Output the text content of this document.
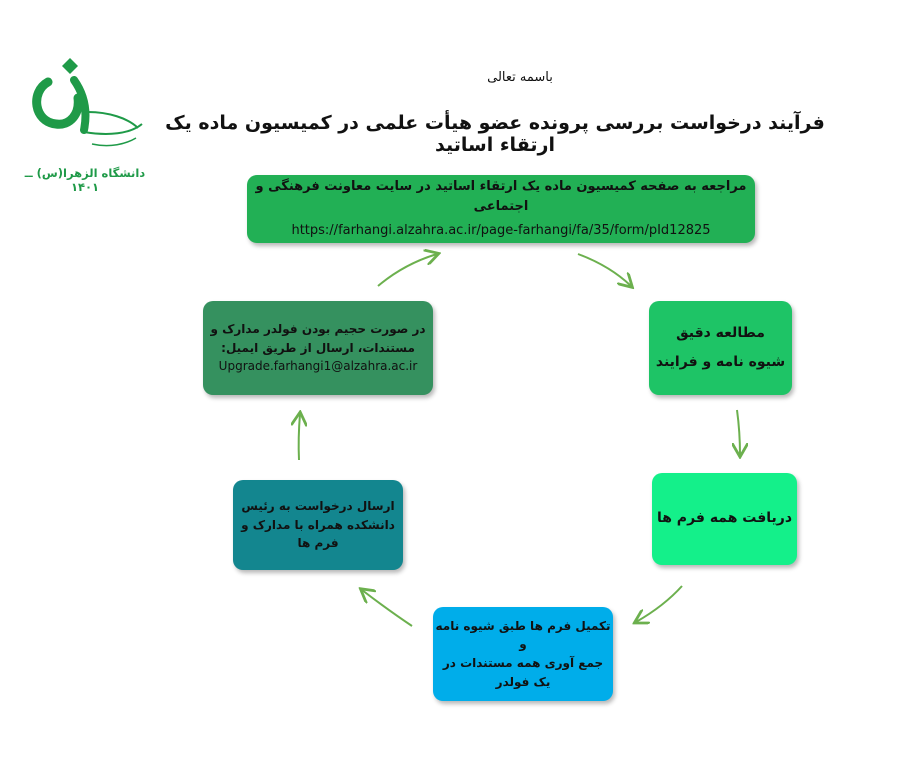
باسمه تعالی
فرآیند درخواست بررسی پرونده عضو هیأت علمی در کمیسیون ماده یک ارتقاء اساتید
دانشگاه الزهرا(س) ــ ۱۴۰۱	مراجعه به صفحه کمیسیون ماده یک ارتقاء اساتید در سایت معاونت فرهنگی و اجتماعی
https://farhangi.alzahra.ac.ir/page-farhangi/fa/35/form/pId12825
مطالعه دقیق
شیوه نامه و فرایند
دریافت همه فرم ها
تکمیل فرم ها طبق شیوه نامه و
جمع آوری همه مستندات در
یک فولدر
ارسال درخواست به رئیس
دانشکده همراه با مدارک و
فرم ها
در صورت حجیم بودن فولدر مدارک و
مستندات، ارسال از طریق ایمیل:
Upgrade.farhangi1@alzahra.ac.ir
